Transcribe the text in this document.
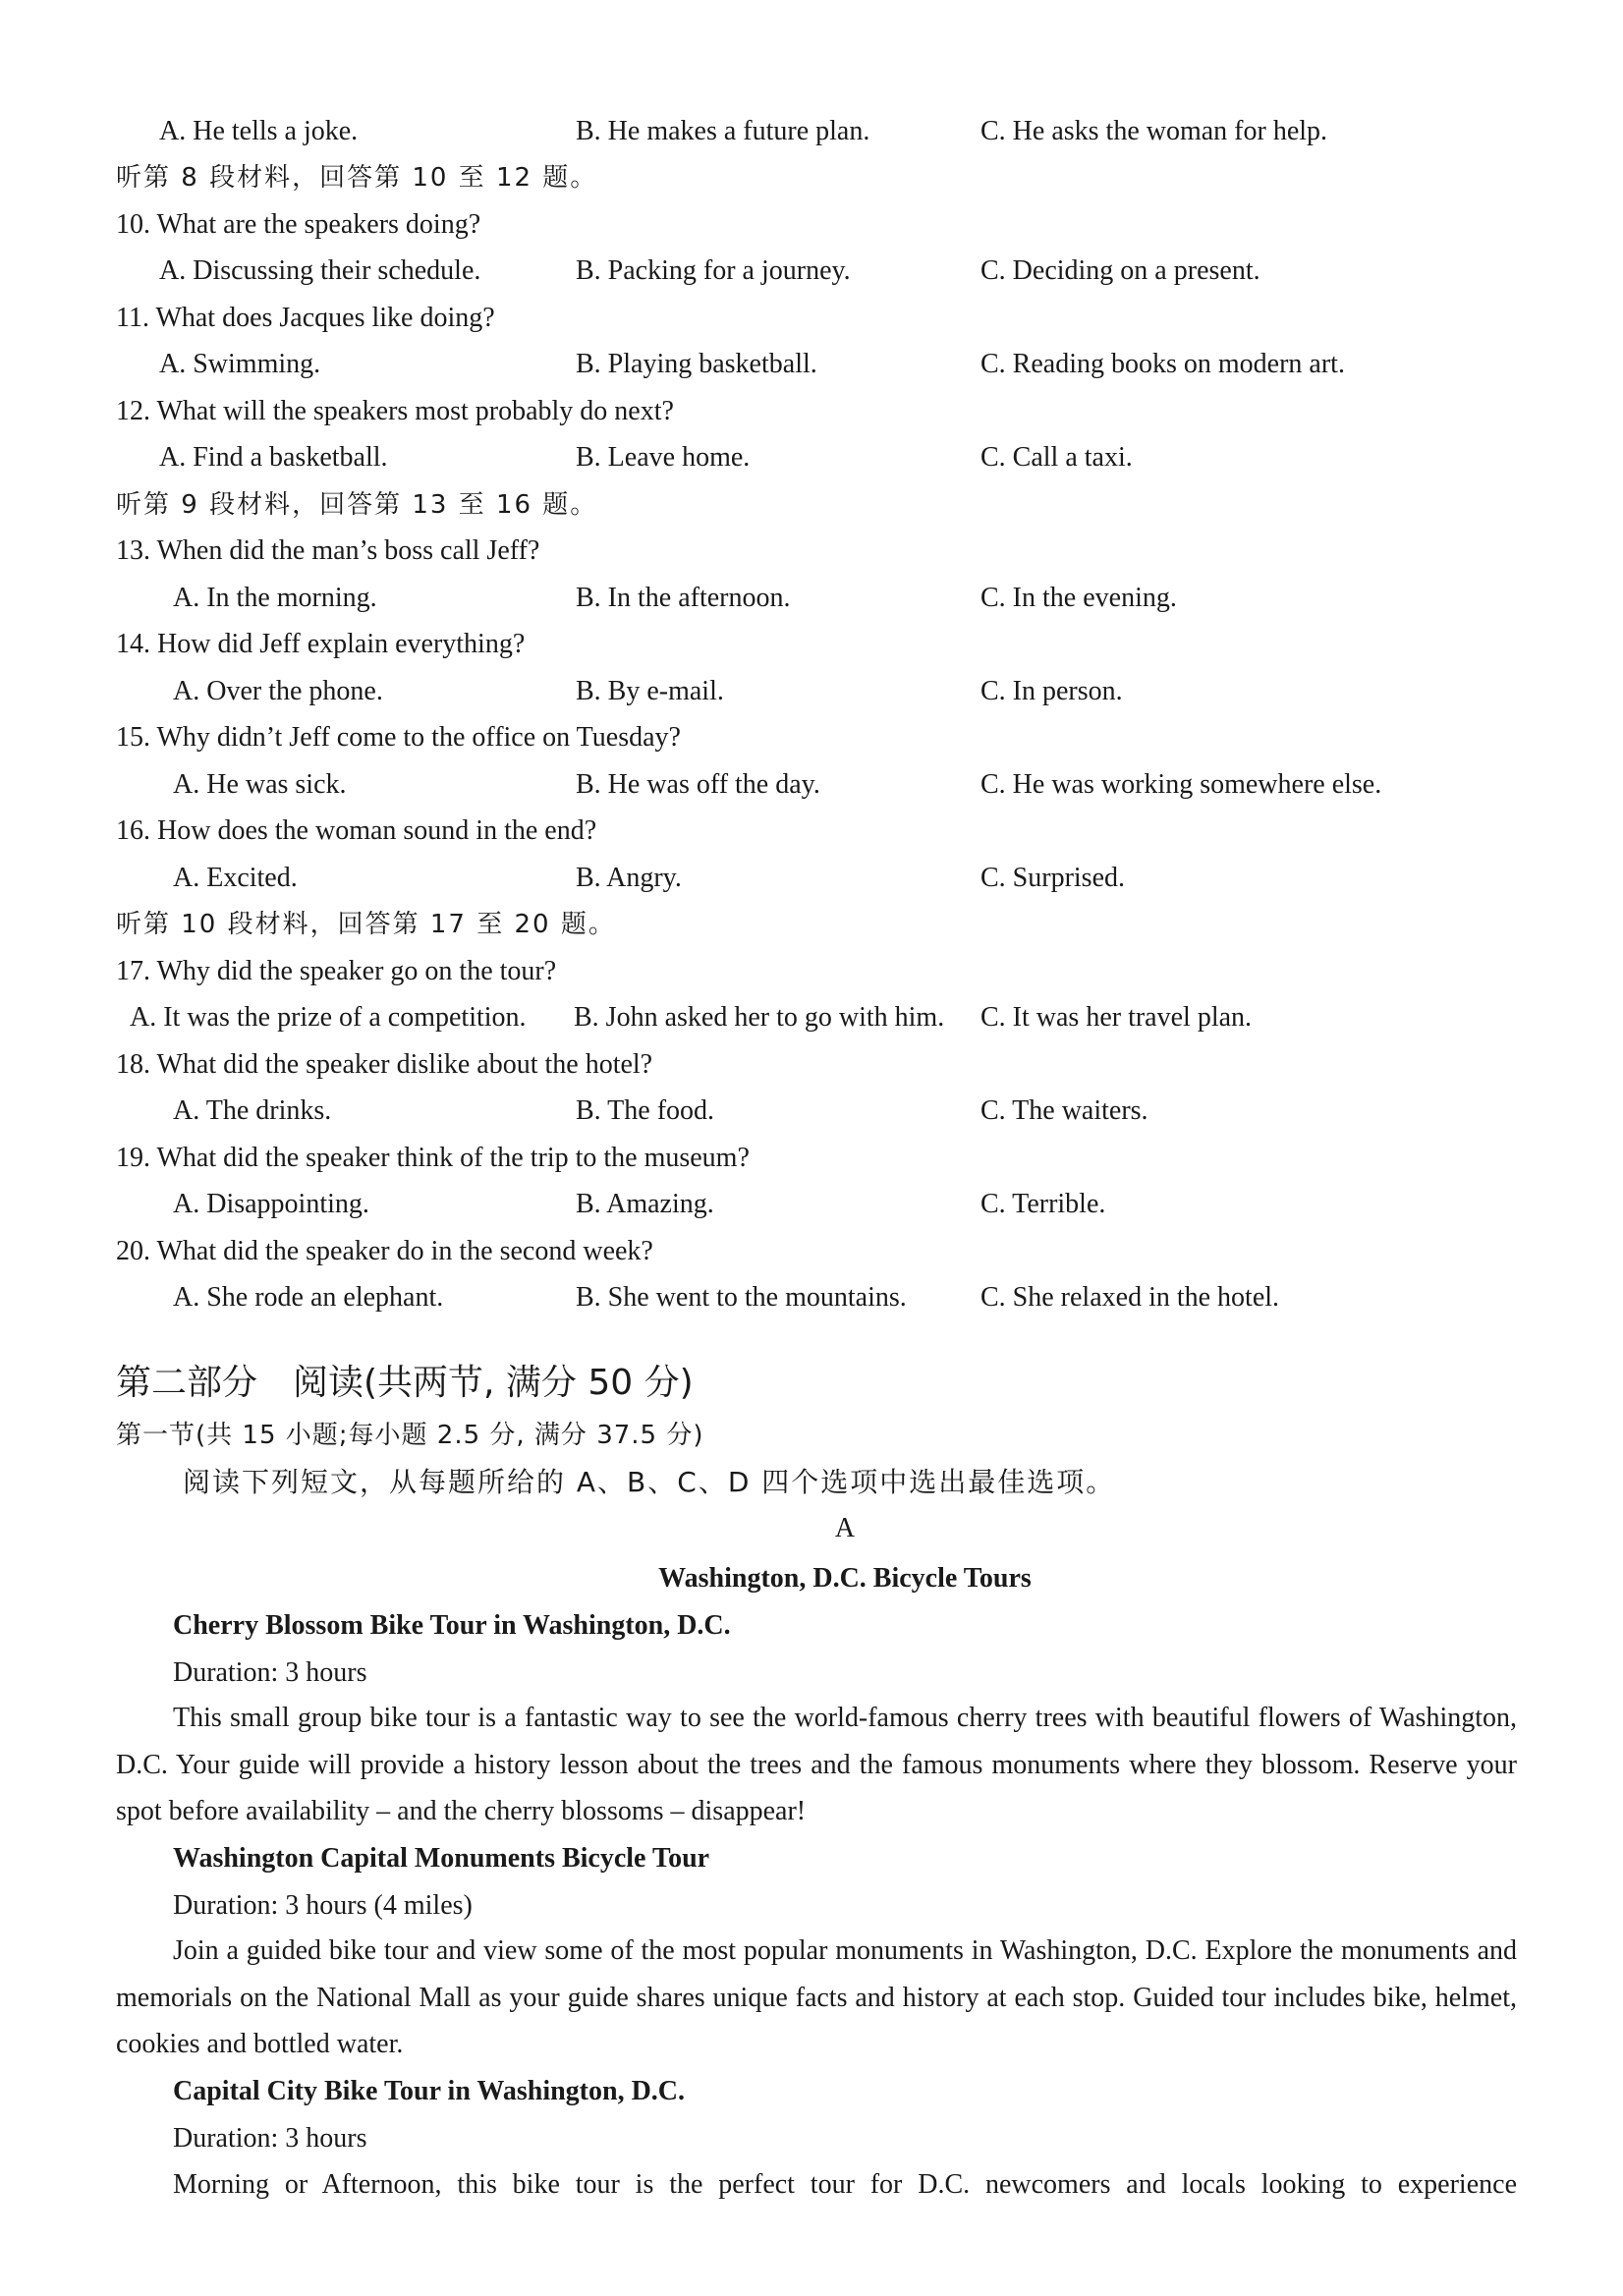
A. He tells a joke.	B. He makes a future plan.	C. He asks the woman for help.
听第 8 段材料，回答第 10 至 12 题。
10. What are the speakers doing?
A. Discussing their schedule.	B. Packing for a journey.	C. Deciding on a present.
11. What does Jacques like doing?
A. Swimming.	B. Playing basketball.	C. Reading books on modern art.
12. What will the speakers most probably do next?
A. Find a basketball.	B. Leave home.	C. Call a taxi.
听第 9 段材料，回答第 13 至 16 题。
13. When did the man’s boss call Jeff?
A. In the morning.	B. In the afternoon.	C. In the evening.
14. How did Jeff explain everything?
A. Over the phone.	B. By e-mail.	C. In person.
15. Why didn’t Jeff come to the office on Tuesday?
A. He was sick.	B. He was off the day.	C. He was working somewhere else.
16. How does the woman sound in the end?
A. Excited.	B. Angry.	C. Surprised.
听第 10 段材料，回答第 17 至 20 题。
17. Why did the speaker go on the tour?
A. It was the prize of a competition. B. John asked her to go with him. C. It was her travel plan.
18. What did the speaker dislike about the hotel?
A. The drinks.	B. The food.	C. The waiters.
19. What did the speaker think of the trip to the museum?
A. Disappointing.	B. Amazing.	C. Terrible.
20. What did the speaker do in the second week?
A. She rode an elephant.	B. She went to the mountains.	C. She relaxed in the hotel.
第二部分　阅读(共两节, 满分 50 分)
第一节(共 15 小题;每小题 2.5 分, 满分 37.5 分)
阅读下列短文，从每题所给的 A、B、C、D 四个选项中选出最佳选项。
A
Washington, D.C. Bicycle Tours
Cherry Blossom Bike Tour in Washington, D.C.
Duration: 3 hours
This small group bike tour is a fantastic way to see the world-famous cherry trees with beautiful flowers of Washington, D.C. Your guide will provide a history lesson about the trees and the famous monuments where they blossom. Reserve your spot before availability – and the cherry blossoms – disappear!
Washington Capital Monuments Bicycle Tour
Duration: 3 hours (4 miles)
Join a guided bike tour and view some of the most popular monuments in Washington, D.C. Explore the monuments and memorials on the National Mall as your guide shares unique facts and history at each stop. Guided tour includes bike, helmet, cookies and bottled water.
Capital City Bike Tour in Washington, D.C.
Duration: 3 hours
Morning or Afternoon, this bike tour is the perfect tour for D.C. newcomers and locals looking to experience
